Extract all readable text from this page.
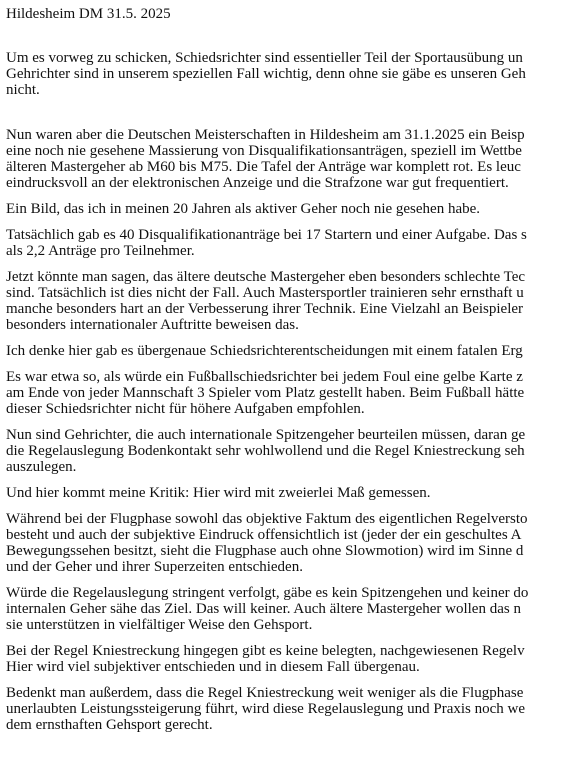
Hildesheim DM 31.5. 2025

Um es vorweg zu schicken, Schiedsrichter sind essentieller Teil der Sportausübung un
Gehrichter sind in unserem speziellen Fall wichtig, denn ohne sie gäbe es unseren Geh
nicht.

Nun waren aber die Deutschen Meisterschaften in Hildesheim am 31.1.2025 ein Beisp
eine noch nie gesehene Massierung von Disqualifikationsanträgen, speziell im Wettbe
älteren Mastergeher ab M60 bis M75. Die Tafel der Anträge war komplett rot. Es leuc
eindrucksvoll an der elektronischen Anzeige und die Strafzone war gut frequentiert.

Ein Bild, das ich in meinen 20 Jahren als aktiver Geher noch nie gesehen habe.

Tatsächlich gab es 40 Disqualifikationanträge bei 17 Startern und einer Aufgabe. Das s
als 2,2 Anträge pro Teilnehmer.

Jetzt könnte man sagen, das ältere deutsche Mastergeher eben besonders schlechte Tec
sind. Tatsächlich ist dies nicht der Fall. Auch Mastersportler trainieren sehr ernsthaft u
manche besonders hart an der Verbesserung ihrer Technik. Eine Vielzahl an Beispieler
besonders internationaler Auftritte beweisen das.

Ich denke hier gab es übergenaue Schiedsrichterentscheidungen mit einem fatalen Erg

Es war etwa so, als würde ein Fußballschiedsrichter bei jedem Foul eine gelbe Karte z
am Ende von jeder Mannschaft 3 Spieler vom Platz gestellt haben. Beim Fußball hätte
dieser Schiedsrichter nicht für höhere Aufgaben empfohlen.

Nun sind Gehrichter, die auch internationale Spitzengeher beurteilen müssen, daran ge
die Regelauslegung Bodenkontakt sehr wohlwollend und die Regel Kniestreckung seh
auszulegen.

Und hier kommt meine Kritik: Hier wird mit zweierlei Maß gemessen.

Während bei der Flugphase sowohl das objektive Faktum des eigentlichen Regelversto
besteht und auch der subjektive Eindruck offensichtlich ist (jeder der ein geschultes A
Bewegungssehen besitzt, sieht die Flugphase auch ohne Slowmotion) wird im Sinne d
und der Geher und ihrer Superzeiten entschieden.

Würde die Regelauslegung stringent verfolgt, gäbe es kein Spitzengehen und keiner do
internalen Geher sähe das Ziel. Das will keiner. Auch ältere Mastergeher wollen das n
sie unterstützen in vielfältiger Weise den Gehsport.

Bei der Regel Kniestreckung hingegen gibt es keine belegten, nachgewiesenen Regelv
Hier wird viel subjektiver entschieden und in diesem Fall übergenau.

Bedenkt man außerdem, dass die Regel Kniestreckung weit weniger als die Flugphase
unerlaubten Leistungssteigerung führt, wird diese Regelauslegung und Praxis noch we
dem ernsthaften Gehsport gerecht.
